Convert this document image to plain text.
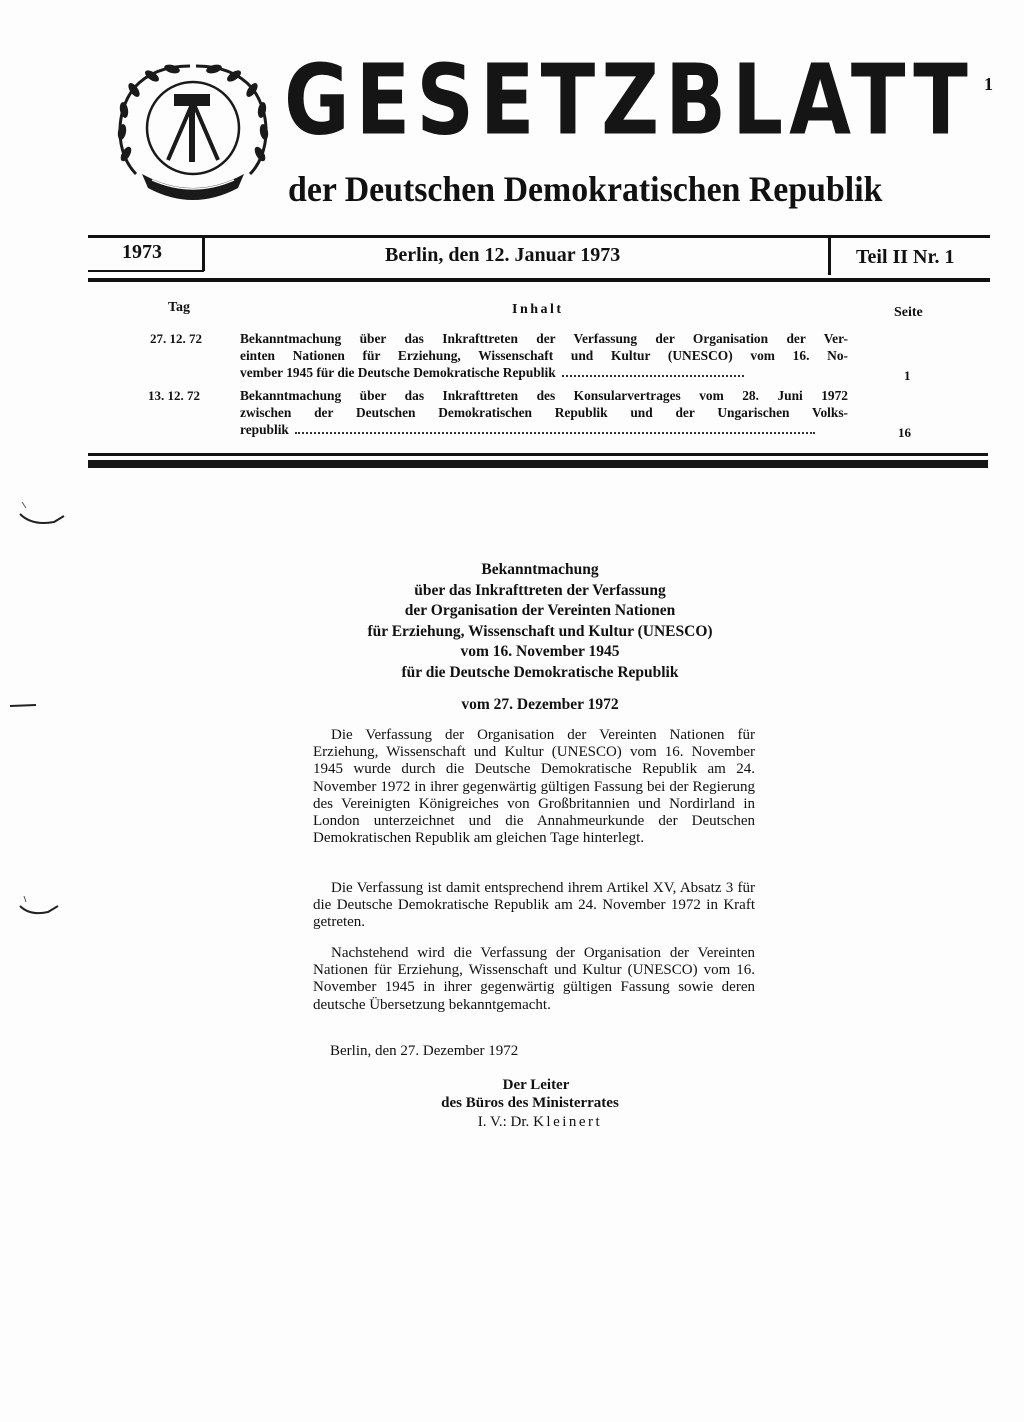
GESETZBLATT
der Deutschen Demokratischen Republik
1
1973	Berlin, den 12. Januar 1973	Teil II Nr. 1
Tag	Inhalt	Seite
27. 12. 72	Bekanntmachung über das Inkrafttreten der Verfassung der Organisation der Ver-
einten Nationen für Erziehung, Wissenschaft und Kultur (UNESCO) vom 16. No-
vember 1945 für die Deutsche Demokratische Republik	1
13. 12. 72	Bekanntmachung über das Inkrafttreten des Konsularvertrages vom 28. Juni 1972
zwischen der Deutschen Demokratischen Republik und der Ungarischen Volks-
republik	16
Bekanntmachung
über das Inkrafttreten der Verfassung
der Organisation der Vereinten Nationen
für Erziehung, Wissenschaft und Kultur (UNESCO)
vom 16. November 1945
für die Deutsche Demokratische Republik
vom 27. Dezember 1972
Die Verfassung der Organisation der Vereinten Nationen für Erziehung, Wissenschaft und Kultur (UNESCO) vom 16. November 1945 wurde durch die Deutsche Demokratische Republik am 24. November 1972 in ihrer gegenwärtig gültigen Fassung bei der Regierung des Vereinigten Königreiches von Großbritannien und Nordirland in London unterzeichnet und die Annahmeurkunde der Deutschen Demokratischen Republik am gleichen Tage hinterlegt.
Die Verfassung ist damit entsprechend ihrem Artikel XV, Absatz 3 für die Deutsche Demokratische Republik am 24. November 1972 in Kraft getreten.
Nachstehend wird die Verfassung der Organisation der Vereinten Nationen für Erziehung, Wissenschaft und Kultur (UNESCO) vom 16. November 1945 in ihrer gegenwärtig gültigen Fassung sowie deren deutsche Übersetzung bekanntgemacht.
Berlin, den 27. Dezember 1972
Der Leiter
des Büros des Ministerrates
I. V.: Dr. Kleinert
